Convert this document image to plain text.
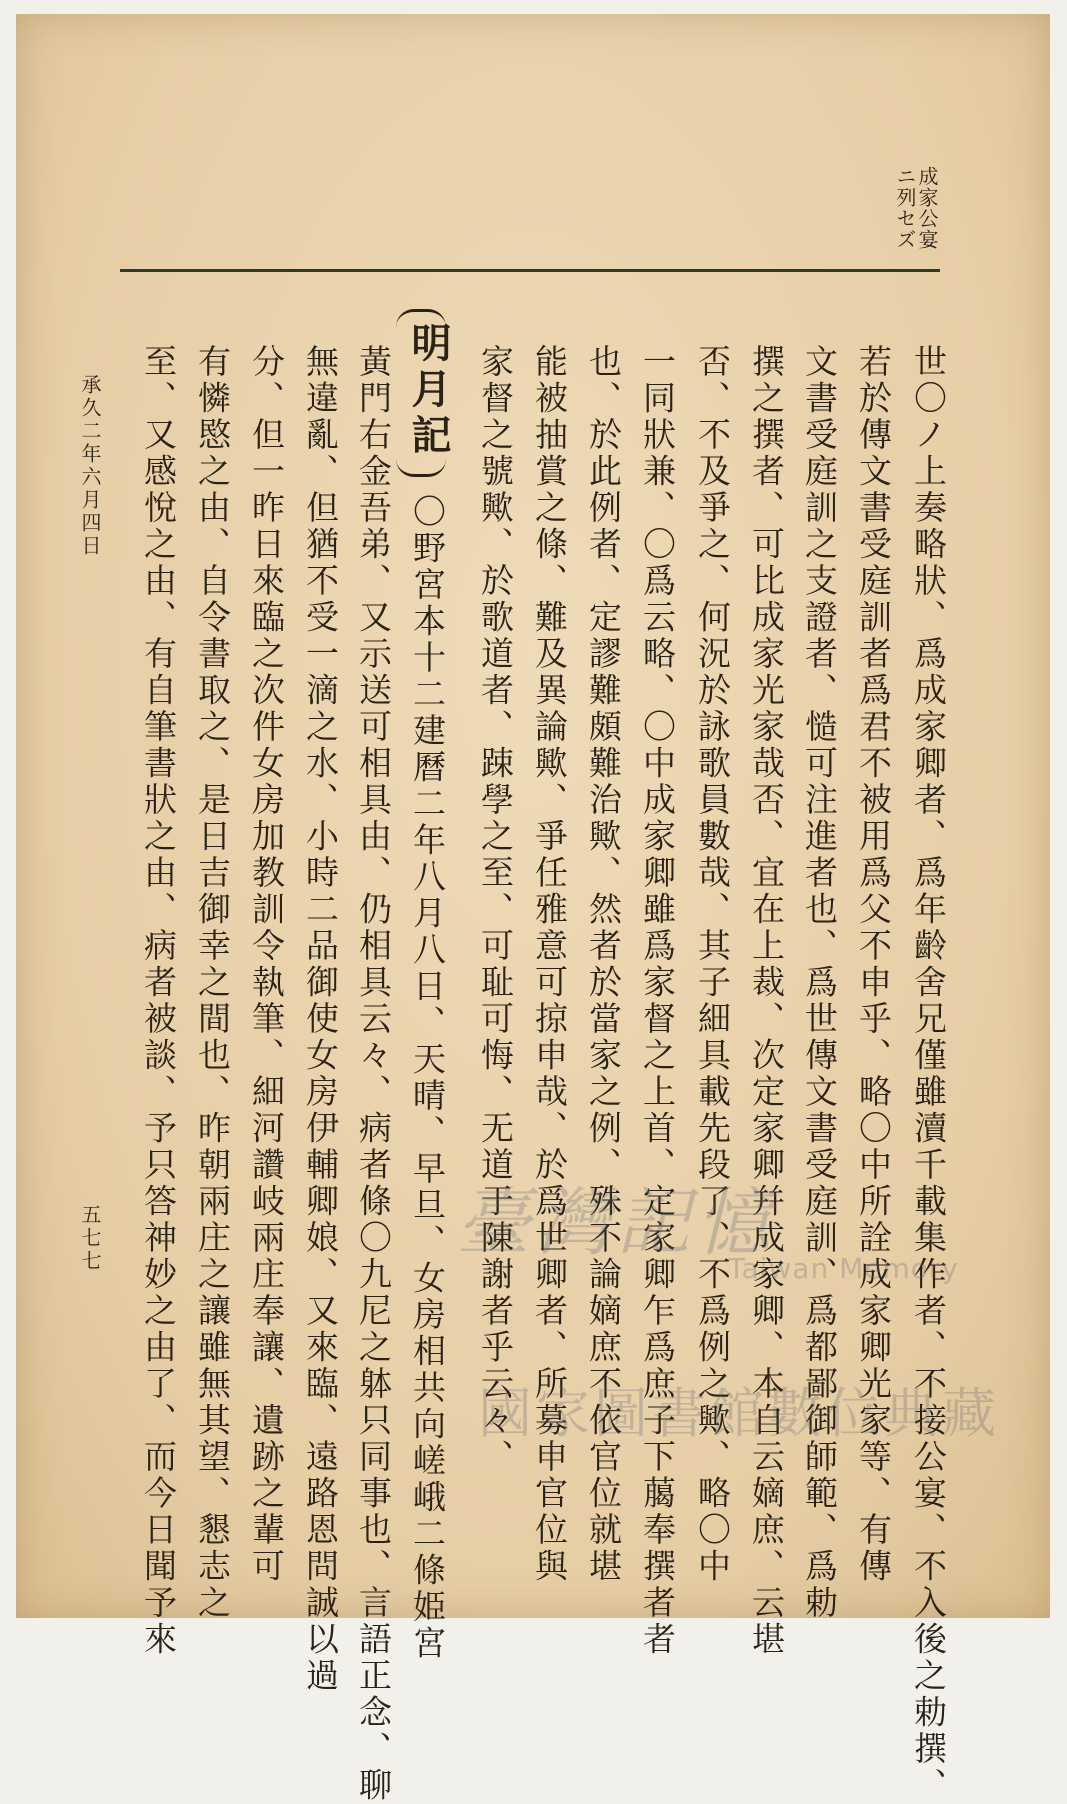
成家公宴
ニ列セズ
世〇ノ上奏略狀、爲成家卿者、爲年齡舍兄僅雖瀆千載集作者、不接公宴、不入後之勅撰、
若於傳文書受庭訓者爲君不被用爲父不申乎、略〇中所詮成家卿光家等、有傳
文書受庭訓之支證者、慥可注進者也、爲世傳文書受庭訓、爲都鄙御師範、爲勅
撰之撰者、可比成家光家哉否、宜在上裁、次定家卿幷成家卿、本自云嫡庶、云堪
否、不及爭之、何況於詠歌員數哉、其子細具載先段了、不爲例之歟、略〇中
一同狀兼、〇爲云略、〇中成家卿雖爲家督之上首、定家卿乍爲庶子下﨟奉撰者者
也、於此例者、定謬難頗難治歟、然者於當家之例、殊不論嫡庶不依官位就堪
能被抽賞之條、難及異論歟、爭任雅意可掠申哉、於爲世卿者、所募申官位與
家督之號歟、於歌道者、踈學之至、可耻可悔、无道于陳謝者乎云々、
明月記
〇野宮本十二建曆二年八月八日、天晴、早旦、女房相共向嵯峨二條姫宮
黃門右金吾弟、又示送可相具由、仍相具云々、病者條〇九尼之躰只同事也、言語正念、聊
無違亂、但猶不受一滴之水、小時二品御使女房伊輔卿娘、又來臨、遠路恩問誠以過
分、但一昨日來臨之次件女房加教訓令執筆、細河讚岐兩庄奉讓、遺跡之輩可
有憐愍之由、自令書取之、是日吉御幸之間也、昨朝兩庄之讓雖無其望、懇志之
至、又感悅之由、有自筆書狀之由、病者被談、予只答神妙之由了、而今日聞予來
承久二年六月四日
五七七	臺灣記憶
Taiwan Memory
國家圖書館數位典藏
